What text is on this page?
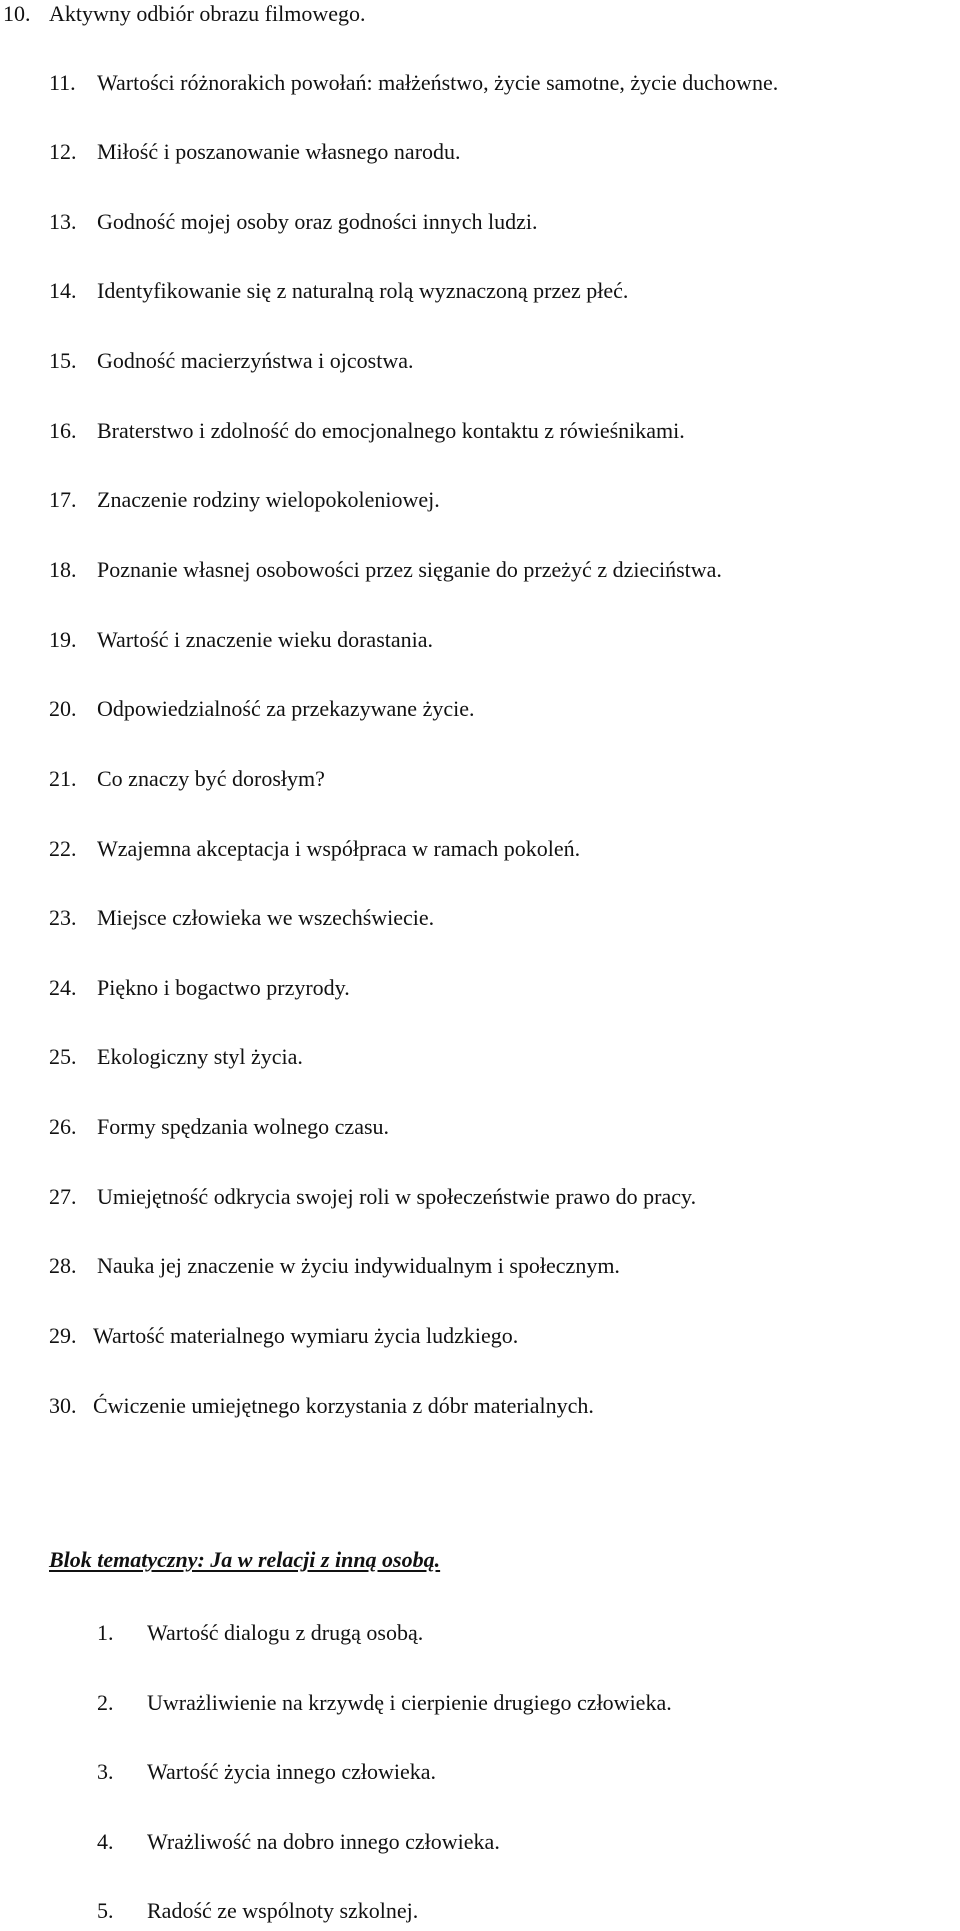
10. Aktywny odbiór obrazu filmowego.
11. Wartości różnorakich powołań: małżeństwo, życie samotne, życie duchowne.
12. Miłość i poszanowanie własnego narodu.
13. Godność mojej osoby oraz godności innych ludzi.
14. Identyfikowanie się z naturalną rolą wyznaczoną przez płeć.
15. Godność macierzyństwa i ojcostwa.
16. Braterstwo i zdolność do emocjonalnego kontaktu z rówieśnikami.
17. Znaczenie rodziny wielopokoleniowej.
18. Poznanie własnej osobowości przez sięganie do przeżyć z dzieciństwa.
19. Wartość i znaczenie wieku dorastania.
20. Odpowiedzialność za przekazywane życie.
21. Co znaczy być dorosłym?
22. Wzajemna akceptacja i współpraca w ramach pokoleń.
23. Miejsce człowieka we wszechświecie.
24. Piękno i bogactwo przyrody.
25. Ekologiczny styl życia.
26. Formy spędzania wolnego czasu.
27. Umiejętność odkrycia swojej roli w społeczeństwie prawo do pracy.
28. Nauka jej znaczenie w życiu indywidualnym i społecznym.
29. Wartość materialnego wymiaru życia ludzkiego.
30. Ćwiczenie umiejętnego korzystania z dóbr materialnych.
Blok tematyczny: Ja w relacji z inną osobą.
1. Wartość dialogu z drugą osobą.
2. Uwrażliwienie na krzywdę i cierpienie drugiego człowieka.
3. Wartość życia innego człowieka.
4. Wrażliwość na dobro innego człowieka.
5. Radość ze wspólnoty szkolnej.
